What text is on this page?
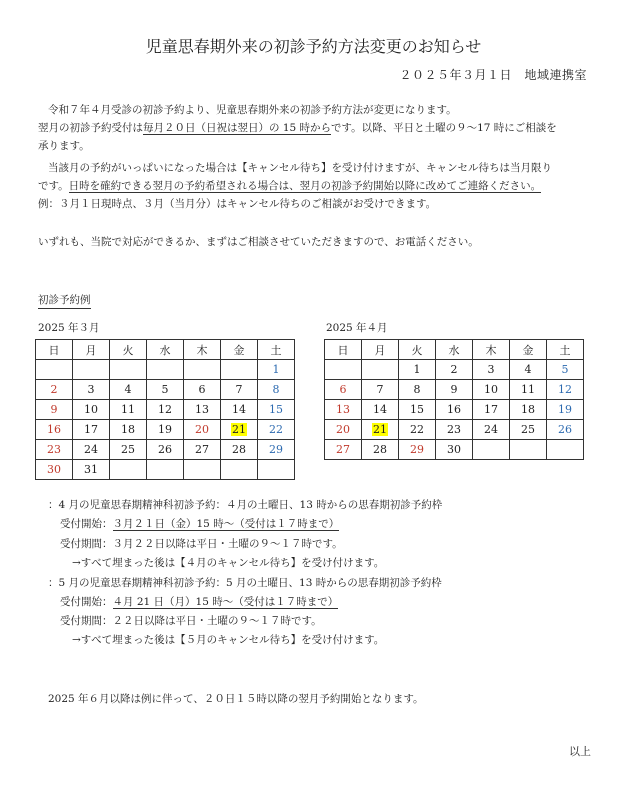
児童思春期外来の初診予約方法変更のお知らせ
２０２５年３月１日　地域連携室
令和７年４月受診の初診予約より、児童思春期外来の初診予約方法が変更になります。
翌月の初診予約受付は毎月２０日（日祝は翌日）の 15 時からです。以降、平日と土曜の９～17 時にご相談を
承ります。
当該月の予約がいっぱいになった場合は【キャンセル待ち】を受け付けますが、キャンセル待ちは当月限り
です。日時を確約できる翌月の予約希望される場合は、翌月の初診予約開始以降に改めてご連絡ください。
例：３月１日現時点、３月（当月分）はキャンセル待ちのご相談がお受けできます。
いずれも、当院で対応ができるか、まずはご相談させていただきますので、お電話ください。
初診予約例
2025 年３月	2025 年４月
日	月	火	水	木	金	土
						1
2	3	4	5	6	7	8
9	10	11	12	13	14	15
16	17	18	19	20	21	22
23	24	25	26	27	28	29
30	31					
日	月	火	水	木	金	土
		1	2	3	4	5
6	7	8	9	10	11	12
13	14	15	16	17	18	19
20	21	22	23	24	25	26
27	28	29	30			
：4 月の児童思春期精神科初診予約：４月の土曜日、13 時からの思春期初診予約枠
受付開始：３月２１日（金）15 時～（受付は１７時まで）
受付期間：３月２２日以降は平日・土曜の９～１７時です。
→すべて埋まった後は【４月のキャンセル待ち】を受け付けます。
：5 月の児童思春期精神科初診予約：5 月の土曜日、13 時からの思春期初診予約枠
受付開始：４月 21 日（月）15 時～（受付は１７時まで）
受付期間：２２日以降は平日・土曜の９～１７時です。
→すべて埋まった後は【５月のキャンセル待ち】を受け付けます。
2025 年６月以降は例に伴って、２０日１５時以降の翌月予約開始となります。
以上
